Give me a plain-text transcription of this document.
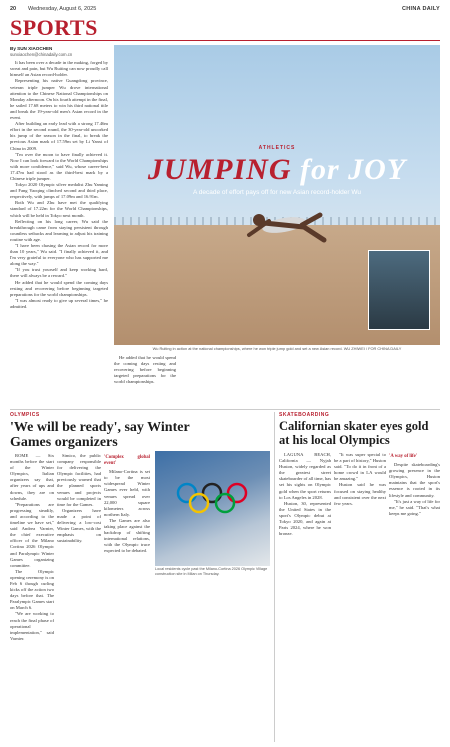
20 Wednesday, August 6, 2025	CHINA DAILY
SPORTS
By SUN XIAOCHEN
sunxiaochen@chinadaily.com.cn

It has been over a decade in the making, forged by sweat and pain, but Wu Ruiting can now proudly call himself an Asian record-holder.

Representing his native Guangdong province, veteran triple jumper Wu drove international attention to the Chinese National Championships on Monday afternoon. On his fourth attempt in the final, he sailed 17.68 meters to win his third national title and break the 19-year-old men's Asian record in the event.

After building an early lead with a strong 17.46m effort in the second round, the 30-year-old uncorked his jump of the season in the final, to break the previous Asian mark of 17.59m set by Li Yanxi of China in 2009.

"I'm over the moon to have finally achieved it. Now I can look forward to the World Championships with more confidence," said Wu, whose career-best 17.47m had stood as the third-best mark by a Chinese triple jumper.

Tokyo 2020 Olympic silver medalist Zhu Yaming and Fang Yaoqing clinched second and third place, respectively, with jumps of 17.09m and 16.91m.

Both Wu and Zhu have met the qualifying standard of 17.22m for the World Championships, which will be held in Tokyo next month.

Reflecting on his long career, Wu said the breakthrough came from staying persistent through countless setbacks and learning to adjust his training routine with age.

"I have been chasing the Asian record for more than 10 years," Wu said. "I finally achieved it, and I'm very grateful to everyone who has supported me along the way."

"If you trust yourself and keep working hard, there will always be a reward."

He added that he would spend the coming days resting and recovering before beginning targeted preparations for the world championships.

"I was almost ready to give up several times," he admitted.

ATHLETICS
JUMPING for JOY
A decade of effort pays off for new Asian record-holder Wu
Wu Ruiting in action at the national championships, where he won triple jump gold and set a new Asian record. WU ZHIWEI / FOR CHINA DAILY

He added that he would spend the coming days resting and recovering before beginning targeted preparations for the world championships.

OLYMPICS
'We will be ready', say Winter Games organizers

ROME — Six months before the start of the Winter Olympics, Italian organizers say that, after years of ups and downs, they are on schedule.

"Preparations are progressing steadily, and according to the timeline we have set," said Andrea Varnier, the chief executive officer of the Milano Cortina 2026 Olympic and Paralympic Winter Games organizing committee.

The Olympic opening ceremony is on Feb 6 though curling kicks off the action two days before that. The Paralympic Games start on March 6.

"We are working to reach the final phase of operational implementation," said Varnier.

Simico, the public company responsible for delivering the Olympic facilities, had previously warned that the planned sports venues and projects would be completed in time for the Games.

Organizers have made a point of delivering a low-cost Winter Games, with the emphasis on sustainability.

'Complex global event'

Milano-Cortina is set to be the most widespread Winter Games ever held, with venues spread over 22,000 square kilometers across northern Italy.

The Games are also taking place against the backdrop of shifting international relations, with the Olympic truce expected to be debated.

Local residents cycle past the Milano-Cortina 2026 Olympic Village construction site in Milan on Thursday.
SKATEBOARDING
Californian skater eyes gold at his local Olympics

LAGUNA BEACH, California — Nyjah Huston, widely regarded as the greatest street skateboarder of all time, has set his sights on Olympic gold when the sport returns to Los Angeles in 2028.

Huston, 30, represented the United States in the sport's Olympic debut at Tokyo 2020, and again at Paris 2024, where he won bronze.

"It was super special to be a part of history," Huston said. "To do it in front of a home crowd in LA would be amazing."

Huston said he was focused on staying healthy and consistent over the next few years.

'A way of life'

Despite skateboarding's growing presence in the Olympics, Huston maintains that the sport's essence is rooted in its lifestyle and community.

"It's just a way of life for me," he said. "That's what keeps me going."
